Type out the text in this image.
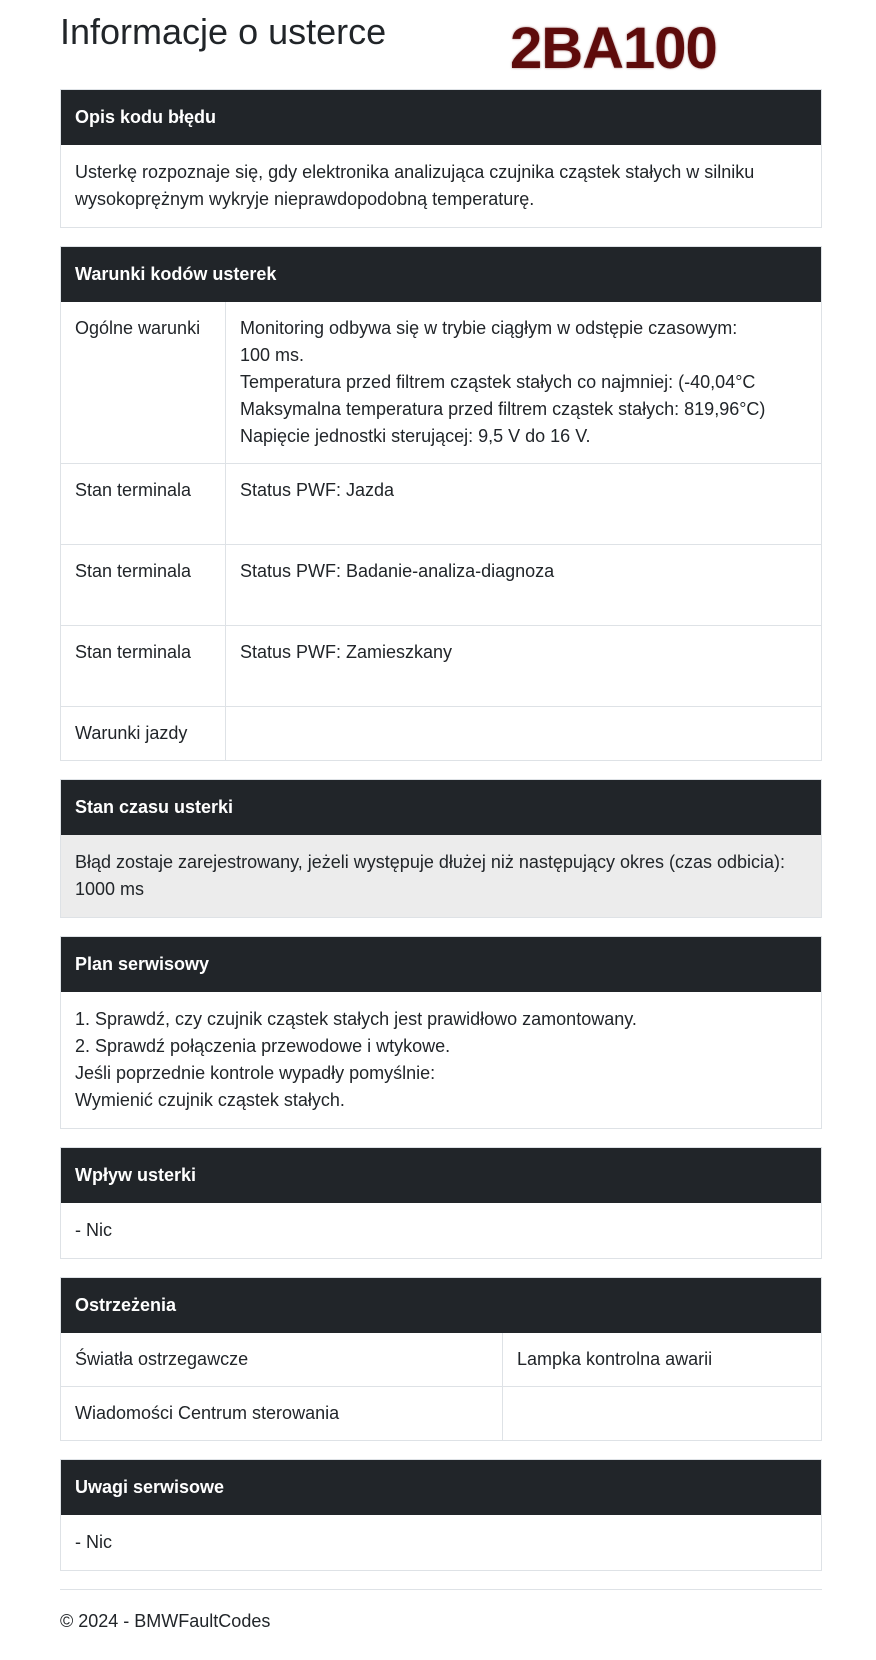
Informacje o usterce 2BA100
Opis kodu błędu
Usterkę rozpoznaje się, gdy elektronika analizująca czujnika cząstek stałych w silniku wysokoprężnym wykryje nieprawdopodobną temperaturę.
Warunki kodów usterek
Ogólne warunki	Monitoring odbywa się w trybie ciągłym w odstępie czasowym:
100 ms.
Temperatura przed filtrem cząstek stałych co najmniej: (-40,04°C
Maksymalna temperatura przed filtrem cząstek stałych: 819,96°C)
Napięcie jednostki sterującej: 9,5 V do 16 V.

Stan terminala	Status PWF: Jazda
Stan terminala	Status PWF: Badanie-analiza-diagnoza
Stan terminala	Status PWF: Zamieszkany
Warunki jazdy	
Stan czasu usterki
Błąd zostaje zarejestrowany, jeżeli występuje dłużej niż następujący okres (czas odbicia): 1000 ms
Plan serwisowy
1. Sprawdź, czy czujnik cząstek stałych jest prawidłowo zamontowany.
2. Sprawdź połączenia przewodowe i wtykowe.
Jeśli poprzednie kontrole wypadły pomyślnie:
Wymienić czujnik cząstek stałych.
Wpływ usterki
- Nic
Ostrzeżenia
Światła ostrzegawcze	Lampka kontrolna awarii
Wiadomości Centrum sterowania	
Uwagi serwisowe
- Nic
© 2024 - BMWFaultCodes
